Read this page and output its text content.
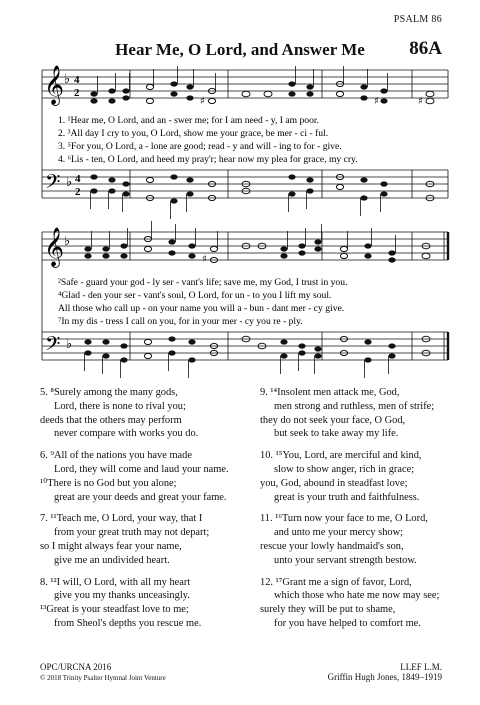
PSALM 86
Hear Me, O Lord, and Answer Me	86A
𝄞 ♭ 4
2
♯	♯	♯
1. ¹Hear me, O Lord, and an - swer me; for I am need - y, I am poor.
2. ³All day I cry to you, O Lord, show me your grace, be mer - ci - ful.
3. ⁵For you, O Lord, a - lone are good; read - y and will - ing to for - give.
4. ⁶Lis - ten, O Lord, and heed my pray'r; hear now my plea for grace, my cry.
𝄢 ♭ 4
2
𝄞 ♭
♯
²Safe - guard your god - ly ser - vant's life; save me, my God, I trust in you.
⁴Glad - den your ser - vant's soul, O Lord, for un - to you I lift my soul.
All those who call up - on your name you will a - bun - dant mer - cy give.
⁷In my dis - tress I call on you, for in your mer - cy you re - ply.
𝄢 ♭
5. ⁸Surely among the many gods,
Lord, there is none to rival you;
deeds that the others may perform
never compare with works you do.
6. ⁹All of the nations you have made
Lord, they will come and laud your name.
¹⁰There is no God but you alone;
great are your deeds and great your fame.
7. ¹¹Teach me, O Lord, your way, that I
from your great truth may not depart;
so I might always fear your name,
give me an undivided heart.
8. ¹²I will, O Lord, with all my heart
give you my thanks unceasingly.
¹³Great is your steadfast love to me;
from Sheol's depths you rescue me.
9. ¹⁴Insolent men attack me, God,
men strong and ruthless, men of strife;
they do not seek your face, O God,
but seek to take away my life.
10. ¹⁵You, Lord, are merciful and kind,
slow to show anger, rich in grace;
you, God, abound in steadfast love;
great is your truth and faithfulness.
11. ¹⁶Turn now your face to me, O Lord,
and unto me your mercy show;
rescue your lowly handmaid's son,
unto your servant strength bestow.
12. ¹⁷Grant me a sign of favor, Lord,
which those who hate me now may see;
surely they will be put to shame,
for you have helped to comfort me.
OPC/URCNA 2016
© 2018 Trinity Psalter Hymnal Joint Venture
LLEF L.M.
Griffin Hugh Jones, 1849–1919
